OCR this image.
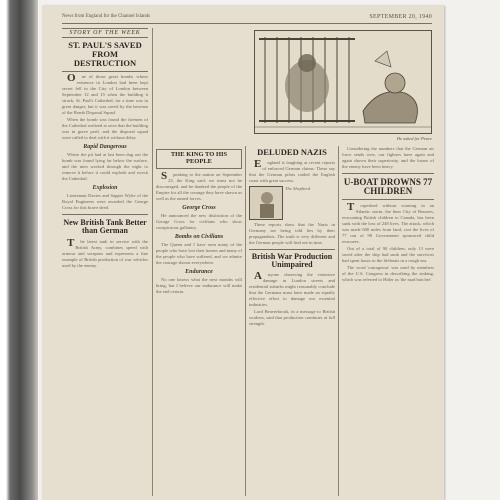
News from England for the Channel Islands	SEPTEMBER 20, 1940
STORY OF THE WEEK
ST. PAUL'S SAVED FROM DESTRUCTION

One of those great bombs whose existence in London had been kept secret fell in the City of London between September 12 and 15 when the building it struck, St. Paul's Cathedral, for a time was in great danger, but it was saved by the heroism of the Bomb Disposal Squad.

When the bomb was found the firemen of the Cathedral realized at once that the building was in grave peril, and the disposal squad were called to deal with it without delay.

Rapid Dangerous

Where the pit had at last been dug out the bomb was found lying far below the surface, and the men worked through the night to remove it before it could explode and wreck the Cathedral.

Explosion

Lieutenant Davies and Sapper Wylie of the Royal Engineers were awarded the George Cross for this brave deed.

New British Tank Better than German

The latest tank in service with the British Army, combines speed with armour and weapons and represents a fine example of British production of war vehicles used by the enemy.

THE KING TO HIS PEOPLE

Speaking to the nation on September 23, the King said: we must not be discouraged, and he thanked the people of the Empire for all the courage they have shown as well as the armed forces.

George Cross

He announced the new distinction of the George Cross for civilians who show conspicuous gallantry.

Bombs on Civilians

The Queen and I have seen many of the people who have lost their homes and many of the people who have suffered, and we admire the courage shown everywhere.

Endurance

No one knows what the next months will bring, but I believe our endurance will make the end certain.

He asked for Peace
DELUDED NAZIS

England is laughing at recent reports of enforced German claims. These say that the German pilots raided the English coast with great success.

The Shepherd

These reports show that the Nazis in Germany are being told lies by their propagandists. The truth is very different and the German people will find out in time.

British War Production Unimpaired

Anyone observing the extensive damage in London streets and residential suburbs might reasonably conclude that the Germans must have made an equally effective effort to damage our essential industries.

Lord Beaverbrook, in a message to British workers, said that production continues at full strength.

Considering the numbers that the German air force sends over, our fighters have again and again shown their superiority, and the losses of the enemy have been heavy.

U-BOAT DROWNS 77 CHILDREN

Torpedoed without warning in an Atlantic storm, the liner City of Benares, evacuating British children to Canada, has been sunk with the loss of 248 lives. The attack, which was made 600 miles from land, cost the lives of 77 out of 90 Government sponsored child evacuees.

Out of a total of 90 children, only 13 were saved after the ship had sunk and the survivors had spent hours in the lifeboats in a rough sea.

The word 'outrageous' was used by members of the U.S. Congress in describing the sinking, which was referred to Hitler as 'the mad butcher'.
